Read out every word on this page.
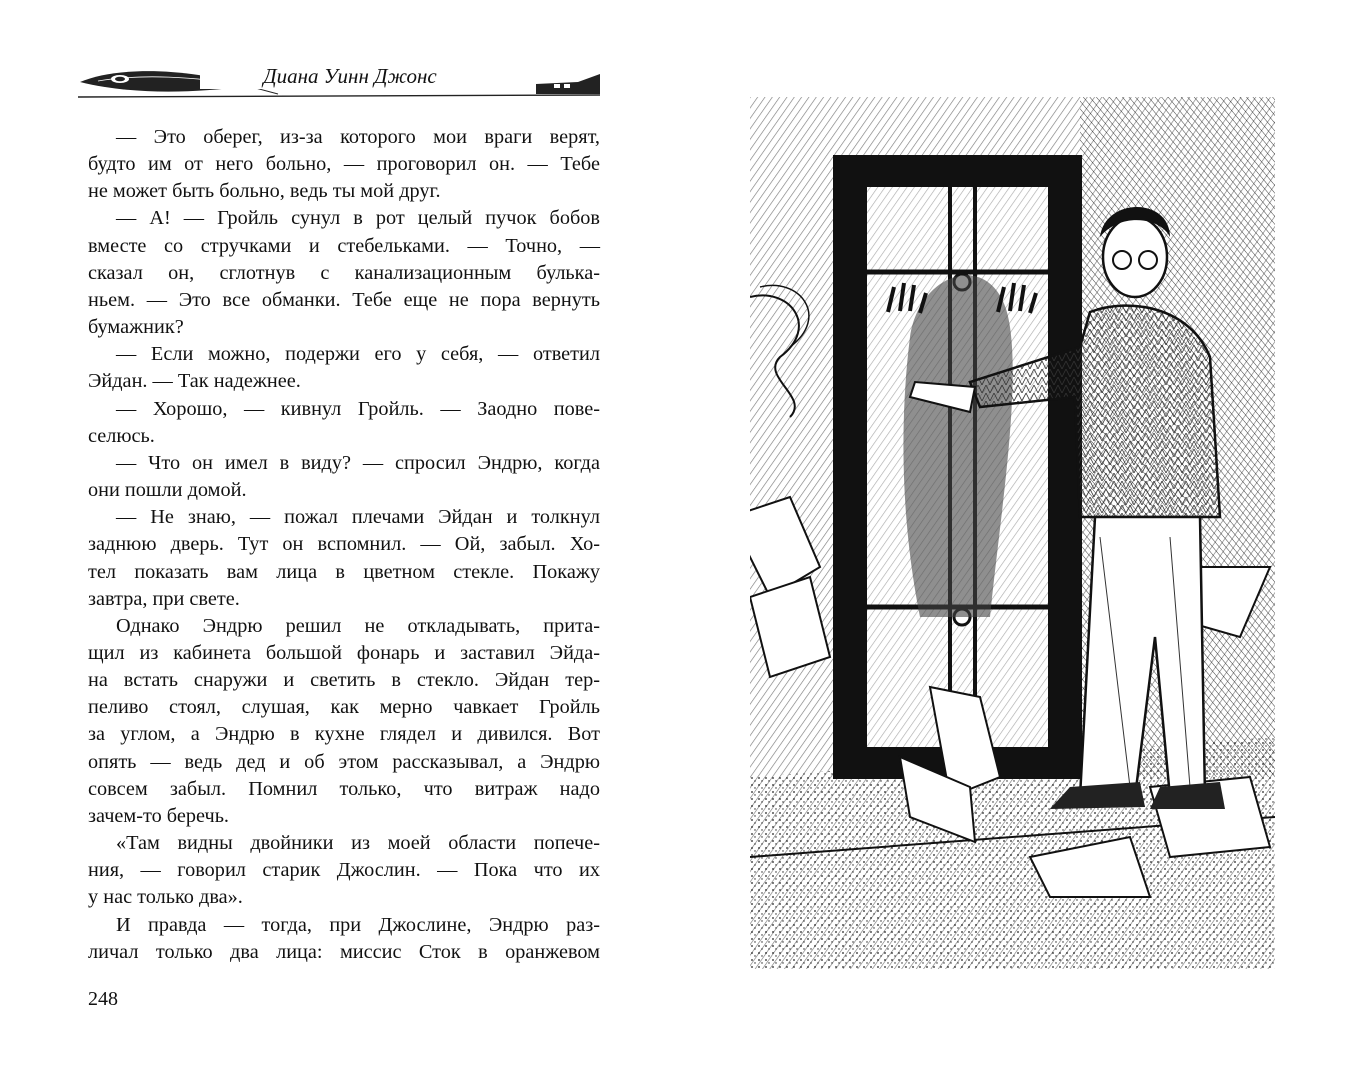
Диана Уинн Джонс
— Это оберег, из-за которого мои враги верят,
будто им от него больно, — проговорил он. — Тебе
не может быть больно, ведь ты мой друг.
— А! — Гройль сунул в рот целый пучок бобов
вместе со стручками и стебельками. — Точно, —
сказал он, сглотнув с канализационным булька-
ньем. — Это все обманки. Тебе еще не пора вернуть
бумажник?
— Если можно, подержи его у себя, — ответил
Эйдан. — Так надежнее.
— Хорошо, — кивнул Гройль. — Заодно пове-
селюсь.
— Что он имел в виду? — спросил Эндрю, когда
они пошли домой.
— Не знаю, — пожал плечами Эйдан и толкнул
заднюю дверь. Тут он вспомнил. — Ой, забыл. Хо-
тел показать вам лица в цветном стекле. Покажу
завтра, при свете.
Однако Эндрю решил не откладывать, прита-
щил из кабинета большой фонарь и заставил Эйда-
на встать снаружи и светить в стекло. Эйдан тер-
пеливо стоял, слушая, как мерно чавкает Гройль
за углом, а Эндрю в кухне глядел и дивился. Вот
опять — ведь дед и об этом рассказывал, а Эндрю
совсем забыл. Помнил только, что витраж надо
зачем-то беречь.
«Там видны двойники из моей области попече-
ния, — говорил старик Джослин. — Пока что их
у нас только два».
И правда — тогда, при Джослине, Эндрю раз-
личал только два лица: миссис Сток в оранжевом
248
